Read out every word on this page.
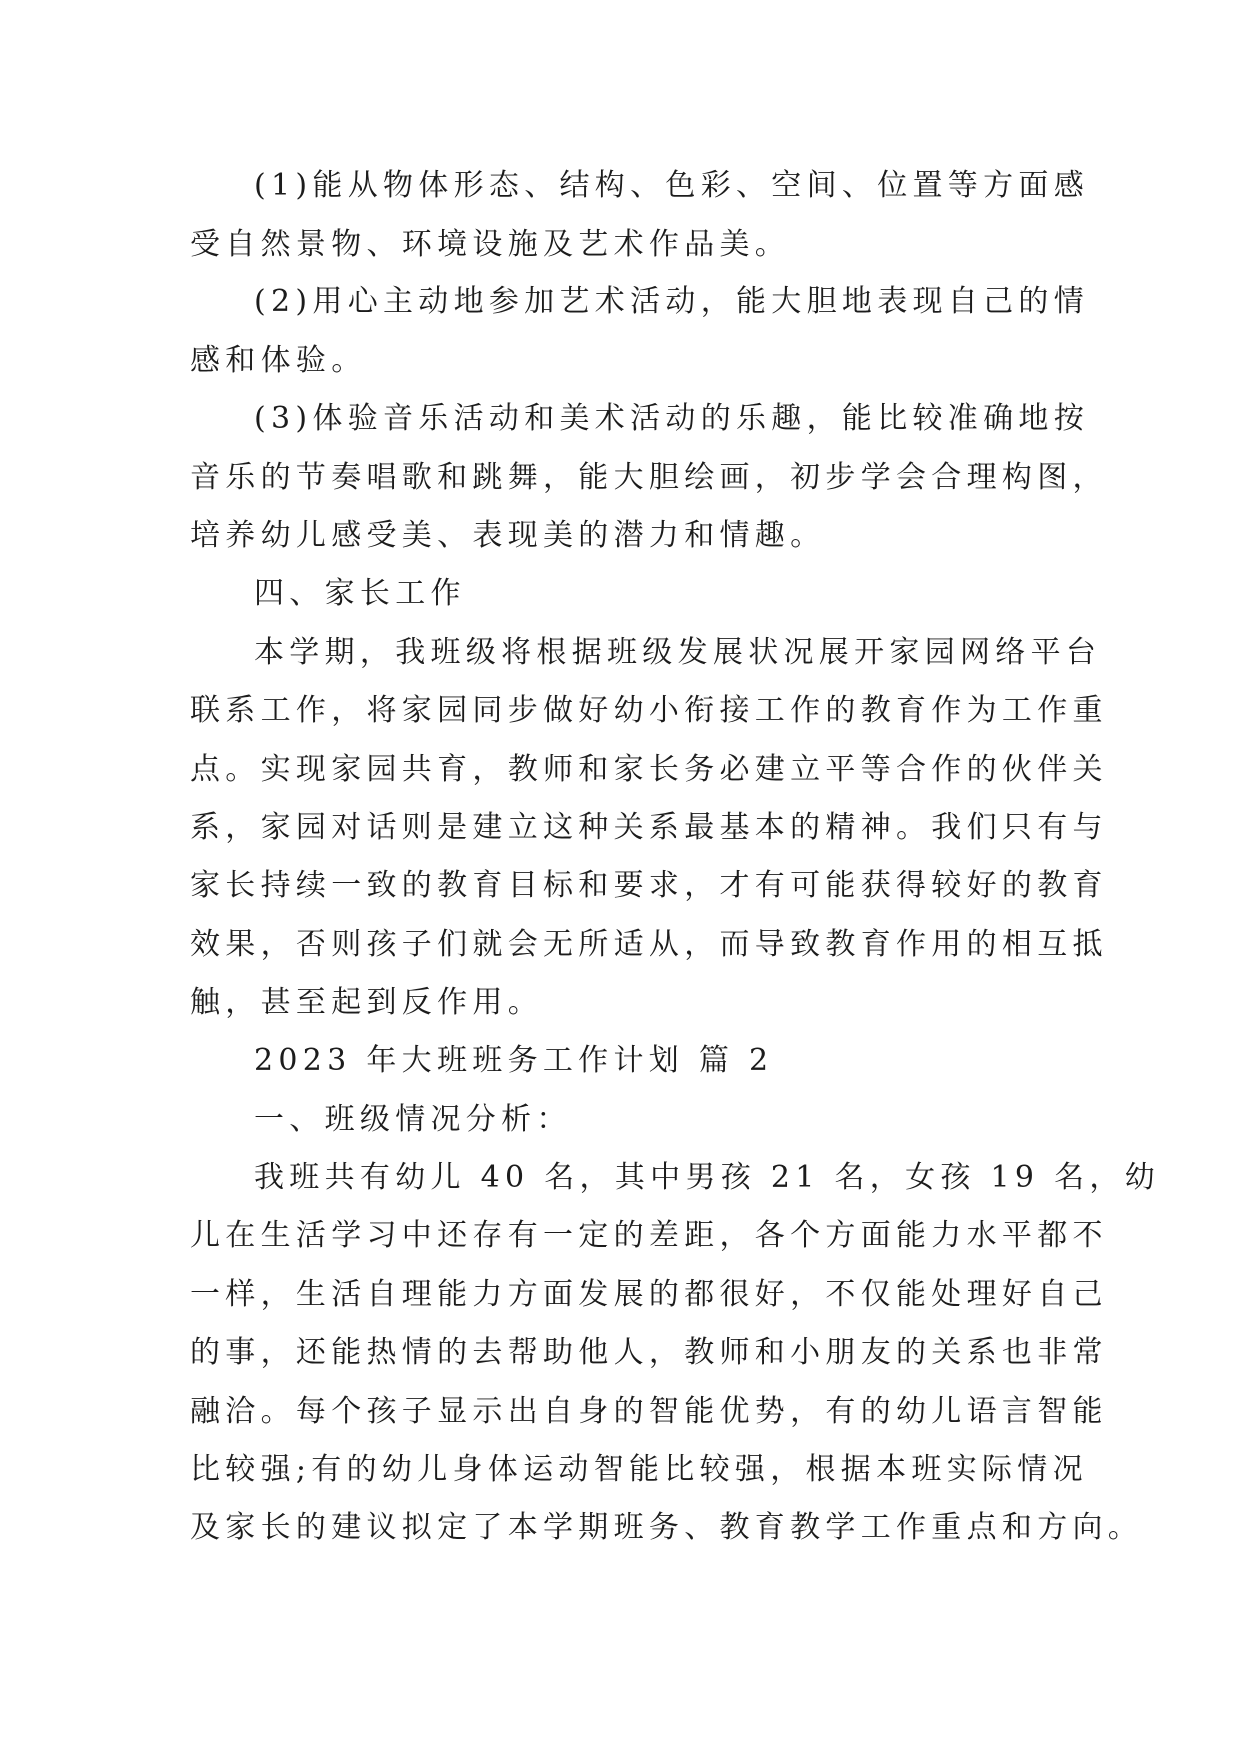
(1)能从物体形态、结构、色彩、空间、位置等方面感
受自然景物、环境设施及艺术作品美。
(2)用心主动地参加艺术活动，能大胆地表现自己的情
感和体验。
(3)体验音乐活动和美术活动的乐趣，能比较准确地按
音乐的节奏唱歌和跳舞，能大胆绘画，初步学会合理构图，
培养幼儿感受美、表现美的潜力和情趣。
四、家长工作
本学期，我班级将根据班级发展状况展开家园网络平台
联系工作，将家园同步做好幼小衔接工作的教育作为工作重
点。实现家园共育，教师和家长务必建立平等合作的伙伴关
系，家园对话则是建立这种关系最基本的精神。我们只有与
家长持续一致的教育目标和要求，才有可能获得较好的教育
效果，否则孩子们就会无所适从，而导致教育作用的相互抵
触，甚至起到反作用。
2023 年大班班务工作计划 篇 2
一、班级情况分析：
我班共有幼儿 40 名，其中男孩 21 名，女孩 19 名，幼
儿在生活学习中还存有一定的差距，各个方面能力水平都不
一样，生活自理能力方面发展的都很好，不仅能处理好自己
的事，还能热情的去帮助他人，教师和小朋友的关系也非常
融洽。每个孩子显示出自身的智能优势，有的幼儿语言智能
比较强;有的幼儿身体运动智能比较强，根据本班实际情况
及家长的建议拟定了本学期班务、教育教学工作重点和方向。
